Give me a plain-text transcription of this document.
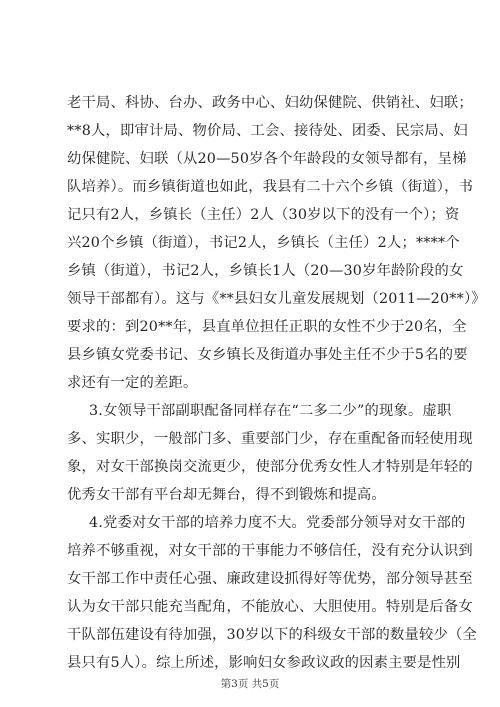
老干局、科协、台办、政务中心、妇幼保健院、供销社、妇联；
**8人，即审计局、物价局、工会、接待处、团委、民宗局、妇
幼保健院、妇联（从20—50岁各个年龄段的女领导都有，呈梯
队培养）。而乡镇街道也如此，我县有二十六个乡镇（街道），书
记只有2人，乡镇长（主任）2人（30岁以下的没有一个）；资
兴20个乡镇（街道），书记2人，乡镇长（主任）2人；****个
乡镇（街道），书记2人，乡镇长1人（20—30岁年龄阶段的女
领导干部都有）。这与《**县妇女儿童发展规划（2011—20**）》
要求的：到20**年，县直单位担任正职的女性不少于20名，全
县乡镇女党委书记、女乡镇长及街道办事处主任不少于5名的要
求还有一定的差距。
3.女领导干部副职配备同样存在“二多二少”的现象。虚职
多、实职少，一般部门多、重要部门少，存在重配备而轻使用现
象，对女干部换岗交流更少，使部分优秀女性人才特别是年轻的
优秀女干部有平台却无舞台，得不到锻炼和提高。
4.党委对女干部的培养力度不大。党委部分领导对女干部的
培养不够重视，对女干部的干事能力不够信任，没有充分认识到
女干部工作中责任心强、廉政建设抓得好等优势，部分领导甚至
认为女干部只能充当配角，不能放心、大胆使用。特别是后备女
干队部伍建设有待加强，30岁以下的科级女干部的数量较少（全
县只有5人）。综上所述，影响妇女参政议政的因素主要是性别
第3页 共5页
